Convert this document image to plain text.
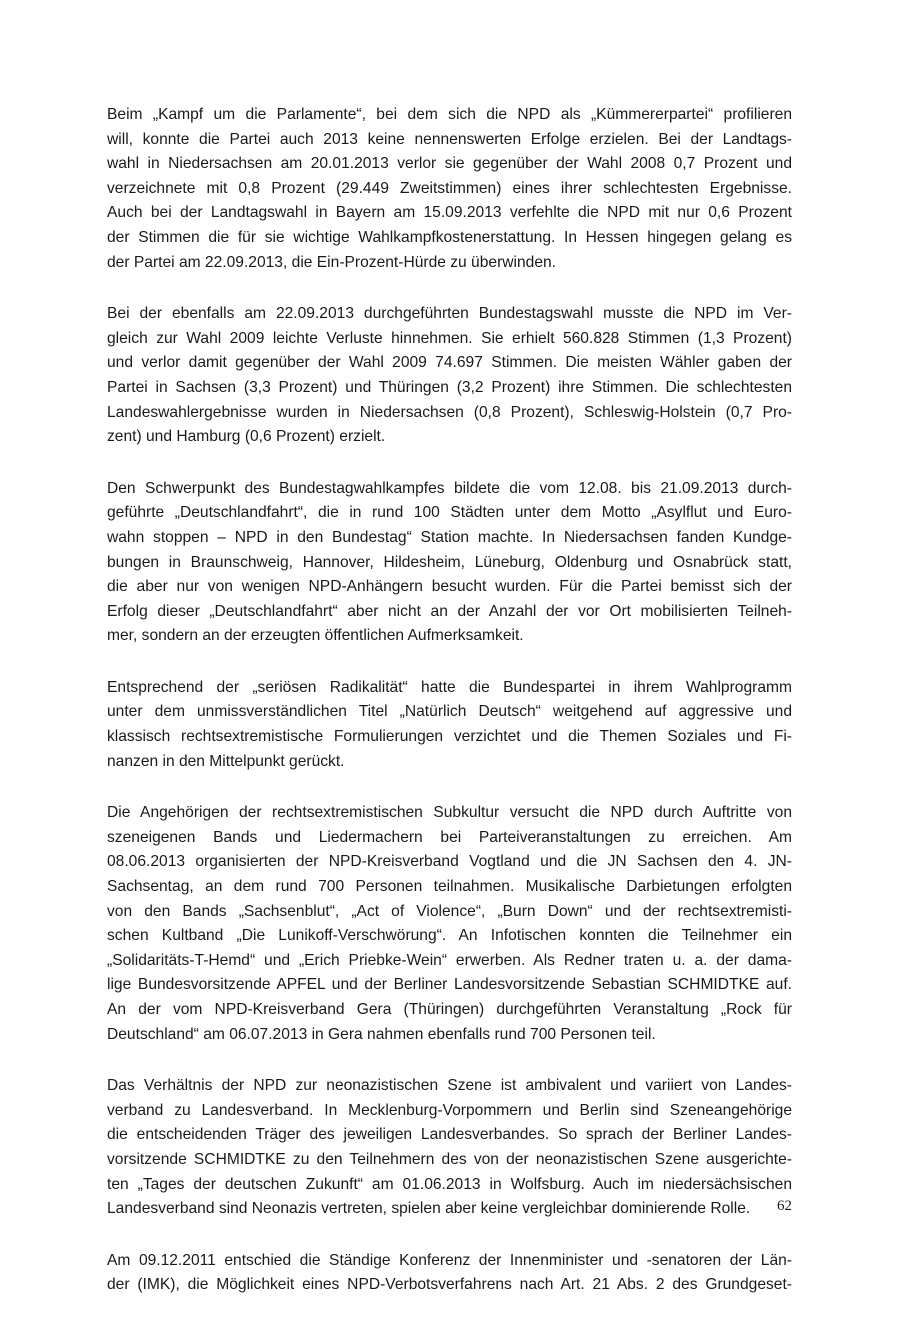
Beim „Kampf um die Parlamente“, bei dem sich die NPD als „Kümmererpartei“ profilieren
will, konnte die Partei auch 2013 keine nennenswerten Erfolge erzielen. Bei der Landtags-
wahl in Niedersachsen am 20.01.2013 verlor sie gegenüber der Wahl 2008 0,7 Prozent und
verzeichnete mit 0,8 Prozent (29.449 Zweitstimmen) eines ihrer schlechtesten Ergebnisse.
Auch bei der Landtagswahl in Bayern am 15.09.2013 verfehlte die NPD mit nur 0,6 Prozent
der Stimmen die für sie wichtige Wahlkampfkostenerstattung. In Hessen hingegen gelang es
der Partei am 22.09.2013, die Ein-Prozent-Hürde zu überwinden.

Bei der ebenfalls am 22.09.2013 durchgeführten Bundestagswahl musste die NPD im Ver-
gleich zur Wahl 2009 leichte Verluste hinnehmen. Sie erhielt 560.828 Stimmen (1,3 Prozent)
und verlor damit gegenüber der Wahl 2009 74.697 Stimmen. Die meisten Wähler gaben der
Partei in Sachsen (3,3 Prozent) und Thüringen (3,2 Prozent) ihre Stimmen. Die schlechtesten
Landeswahlergebnisse wurden in Niedersachsen (0,8 Prozent), Schleswig-Holstein (0,7 Pro-
zent) und Hamburg (0,6 Prozent) erzielt.

Den Schwerpunkt des Bundestagwahlkampfes bildete die vom 12.08. bis 21.09.2013 durch-
geführte „Deutschlandfahrt“, die in rund 100 Städten unter dem Motto „Asylflut und Euro-
wahn stoppen – NPD in den Bundestag“ Station machte. In Niedersachsen fanden Kundge-
bungen in Braunschweig, Hannover, Hildesheim, Lüneburg, Oldenburg und Osnabrück statt,
die aber nur von wenigen NPD-Anhängern besucht wurden. Für die Partei bemisst sich der
Erfolg dieser „Deutschlandfahrt“ aber nicht an der Anzahl der vor Ort mobilisierten Teilneh-
mer, sondern an der erzeugten öffentlichen Aufmerksamkeit.

Entsprechend der „seriösen Radikalität“ hatte die Bundespartei in ihrem Wahlprogramm
unter dem unmissverständlichen Titel „Natürlich Deutsch“ weitgehend auf aggressive und
klassisch rechtsextremistische Formulierungen verzichtet und die Themen Soziales und Fi-
nanzen in den Mittelpunkt gerückt.

Die Angehörigen der rechtsextremistischen Subkultur versucht die NPD durch Auftritte von
szeneigenen Bands und Liedermachern bei Parteiveranstaltungen zu erreichen. Am
08.06.2013 organisierten der NPD-Kreisverband Vogtland und die JN Sachsen den 4. JN-
Sachsentag, an dem rund 700 Personen teilnahmen. Musikalische Darbietungen erfolgten
von den Bands „Sachsenblut“, „Act of Violence“, „Burn Down“ und der rechtsextremisti-
schen Kultband „Die Lunikoff-Verschwörung“. An Infotischen konnten die Teilnehmer ein
„Solidaritäts-T-Hemd“ und „Erich Priebke-Wein“ erwerben. Als Redner traten u. a. der dama-
lige Bundesvorsitzende APFEL und der Berliner Landesvorsitzende Sebastian SCHMIDTKE auf.
An der vom NPD-Kreisverband Gera (Thüringen) durchgeführten Veranstaltung „Rock für
Deutschland“ am 06.07.2013 in Gera nahmen ebenfalls rund 700 Personen teil.

Das Verhältnis der NPD zur neonazistischen Szene ist ambivalent und variiert von Landes-
verband zu Landesverband. In Mecklenburg-Vorpommern und Berlin sind Szeneangehörige
die entscheidenden Träger des jeweiligen Landesverbandes. So sprach der Berliner Landes-
vorsitzende SCHMIDTKE zu den Teilnehmern des von der neonazistischen Szene ausgerichte-
ten „Tages der deutschen Zukunft“ am 01.06.2013 in Wolfsburg. Auch im niedersächsischen
Landesverband sind Neonazis vertreten, spielen aber keine vergleichbar dominierende Rolle.

Am 09.12.2011 entschied die Ständige Konferenz der Innenminister und -senatoren der Län-
der (IMK), die Möglichkeit eines NPD-Verbotsverfahrens nach Art. 21 Abs. 2 des Grundgeset-

62
